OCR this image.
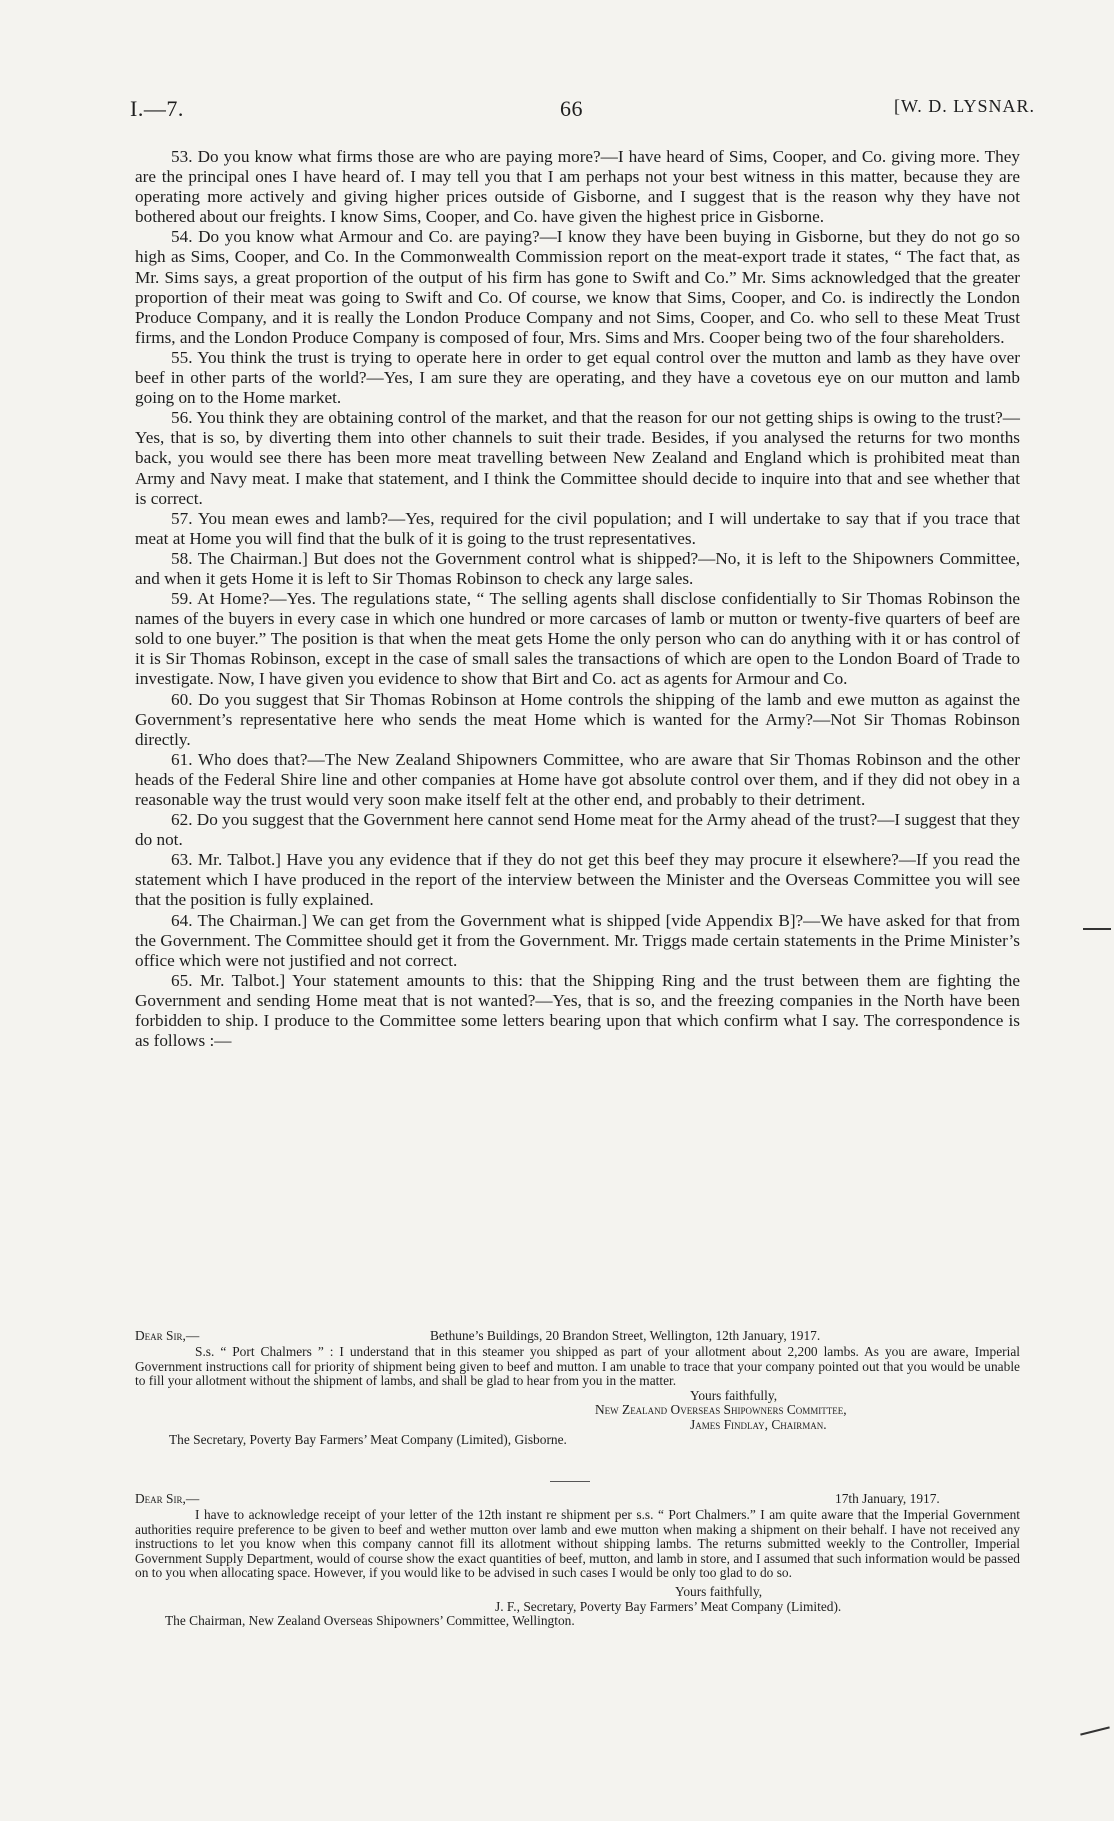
I.—7.	66	[W. D. LYSNAR.

53. Do you know what firms those are who are paying more?—I have heard of Sims, Cooper, and Co. giving more. They are the principal ones I have heard of. I may tell you that I am perhaps not your best witness in this matter, because they are operating more actively and giving higher prices outside of Gisborne, and I suggest that is the reason why they have not bothered about our freights. I know Sims, Cooper, and Co. have given the highest price in Gisborne.

54. Do you know what Armour and Co. are paying?—I know they have been buying in Gisborne, but they do not go so high as Sims, Cooper, and Co. In the Commonwealth Commission report on the meat-export trade it states, “ The fact that, as Mr. Sims says, a great proportion of the output of his firm has gone to Swift and Co.” Mr. Sims acknowledged that the greater proportion of their meat was going to Swift and Co. Of course, we know that Sims, Cooper, and Co. is indirectly the London Produce Company, and it is really the London Produce Company and not Sims, Cooper, and Co. who sell to these Meat Trust firms, and the London Produce Company is composed of four, Mrs. Sims and Mrs. Cooper being two of the four shareholders.

55. You think the trust is trying to operate here in order to get equal control over the mutton and lamb as they have over beef in other parts of the world?—Yes, I am sure they are operating, and they have a covetous eye on our mutton and lamb going on to the Home market.

56. You think they are obtaining control of the market, and that the reason for our not getting ships is owing to the trust?—Yes, that is so, by diverting them into other channels to suit their trade. Besides, if you analysed the returns for two months back, you would see there has been more meat travelling between New Zealand and England which is prohibited meat than Army and Navy meat. I make that statement, and I think the Committee should decide to inquire into that and see whether that is correct.

57. You mean ewes and lamb?—Yes, required for the civil population; and I will undertake to say that if you trace that meat at Home you will find that the bulk of it is going to the trust representatives.

58. The Chairman.] But does not the Government control what is shipped?—No, it is left to the Shipowners Committee, and when it gets Home it is left to Sir Thomas Robinson to check any large sales.

59. At Home?—Yes. The regulations state, “ The selling agents shall disclose confidentially to Sir Thomas Robinson the names of the buyers in every case in which one hundred or more carcases of lamb or mutton or twenty-five quarters of beef are sold to one buyer.” The position is that when the meat gets Home the only person who can do anything with it or has control of it is Sir Thomas Robinson, except in the case of small sales the transactions of which are open to the London Board of Trade to investigate. Now, I have given you evidence to show that Birt and Co. act as agents for Armour and Co.

60. Do you suggest that Sir Thomas Robinson at Home controls the shipping of the lamb and ewe mutton as against the Government’s representative here who sends the meat Home which is wanted for the Army?—Not Sir Thomas Robinson directly.

61. Who does that?—The New Zealand Shipowners Committee, who are aware that Sir Thomas Robinson and the other heads of the Federal Shire line and other companies at Home have got absolute control over them, and if they did not obey in a reasonable way the trust would very soon make itself felt at the other end, and probably to their detriment.

62. Do you suggest that the Government here cannot send Home meat for the Army ahead of the trust?—I suggest that they do not.

63. Mr. Talbot.] Have you any evidence that if they do not get this beef they may procure it elsewhere?—If you read the statement which I have produced in the report of the interview between the Minister and the Overseas Committee you will see that the position is fully explained.

64. The Chairman.] We can get from the Government what is shipped [vide Appendix B]?—We have asked for that from the Government. The Committee should get it from the Government. Mr. Triggs made certain statements in the Prime Minister’s office which were not justified and not correct.

65. Mr. Talbot.] Your statement amounts to this: that the Shipping Ring and the trust between them are fighting the Government and sending Home meat that is not wanted?—Yes, that is so, and the freezing companies in the North have been forbidden to ship. I produce to the Committee some letters bearing upon that which confirm what I say. The correspondence is as follows :—

Dear Sir,—	Bethune’s Buildings, 20 Brandon Street, Wellington, 12th January, 1917.

S.s. “ Port Chalmers ” : I understand that in this steamer you shipped as part of your allotment about 2,200 lambs. As you are aware, Imperial Government instructions call for priority of shipment being given to beef and mutton. I am unable to trace that your company pointed out that you would be unable to fill your allotment without the shipment of lambs, and shall be glad to hear from you in the matter.

Yours faithfully,

New Zealand Overseas Shipowners Committee,

James Findlay, Chairman.

The Secretary, Poverty Bay Farmers’ Meat Company (Limited), Gisborne.

Dear Sir,—	17th January, 1917.

I have to acknowledge receipt of your letter of the 12th instant re shipment per s.s. “ Port Chalmers.” I am quite aware that the Imperial Government authorities require preference to be given to beef and wether mutton over lamb and ewe mutton when making a shipment on their behalf. I have not received any instructions to let you know when this company cannot fill its allotment without shipping lambs. The returns submitted weekly to the Controller, Imperial Government Supply Department, would of course show the exact quantities of beef, mutton, and lamb in store, and I assumed that such information would be passed on to you when allocating space. However, if you would like to be advised in such cases I would be only too glad to do so.

Yours faithfully,

J. F., Secretary, Poverty Bay Farmers’ Meat Company (Limited).

The Chairman, New Zealand Overseas Shipowners’ Committee, Wellington.
